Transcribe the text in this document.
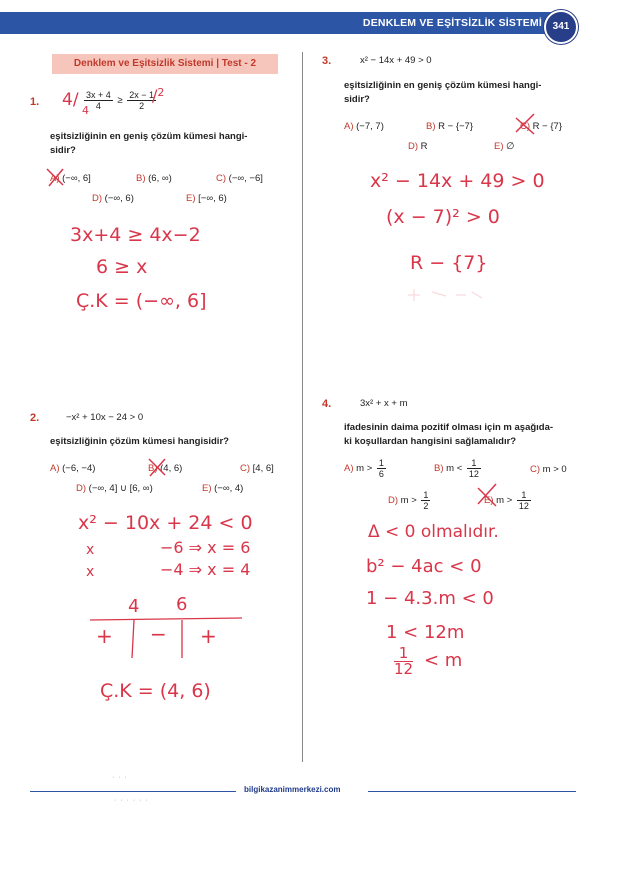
DENKLEM VE EŞİTSİZLİK SİSTEMİ	341
Denklem ve Eşitsizlik Sistemi | Test - 2
1. $4/ \frac{3x + 4}{4} \ge \frac{2x - 1}{2}$
4
/$^2$
eşitsizliğinin en geniş çözüm kümesi hangi-
sidir?
A) (−∞, 6]	B) (6, ∞)	C) (−∞, −6]
D) (−∞, 6)	E) [−∞, 6)
3x+4 ≥ 4x−2
6 ≥ x
Ç.K = (−∞, 6]
2.	−x² + 10x − 24 > 0
eşitsizliğinin çözüm kümesi hangisidir?
A) (−6, −4)	B) (4, 6)	C) [4, 6]
D) (−∞, 4] ∪ [6, ∞)	E) (−∞, 4)
x² − 10x + 24 < 0
x
x
−6 ⇒ x = 6
−4 ⇒ x = 4
4 6
+ − +
Ç.K = (4, 6)
3.	x² − 14x + 49 > 0
eşitsizliğinin en geniş çözüm kümesi hangi-
sidir?
A) (−7, 7)	B) R − {−7}	C) R − {7}
D) R	E) ∅
x² − 14x + 49 > 0
(x − 7)² > 0
R − {7}
4.	3x² + x + m
ifadesinin daima pozitif olması için m aşağıda-
ki koşullardan hangisini sağlamalıdır?
A) $m > \frac{1}{6}$	B) $m < \frac{1}{12}$	C) m > 0
D) $m > \frac{1}{2}$	E) $m > \frac{1}{12}$
Δ < 0 olmalıdır.
b² − 4ac < 0
1 − 4.3.m < 0
1 < 12m
1
12 < m
· · ·
· · · · · ·
bilgikazanimmerkezi.com
